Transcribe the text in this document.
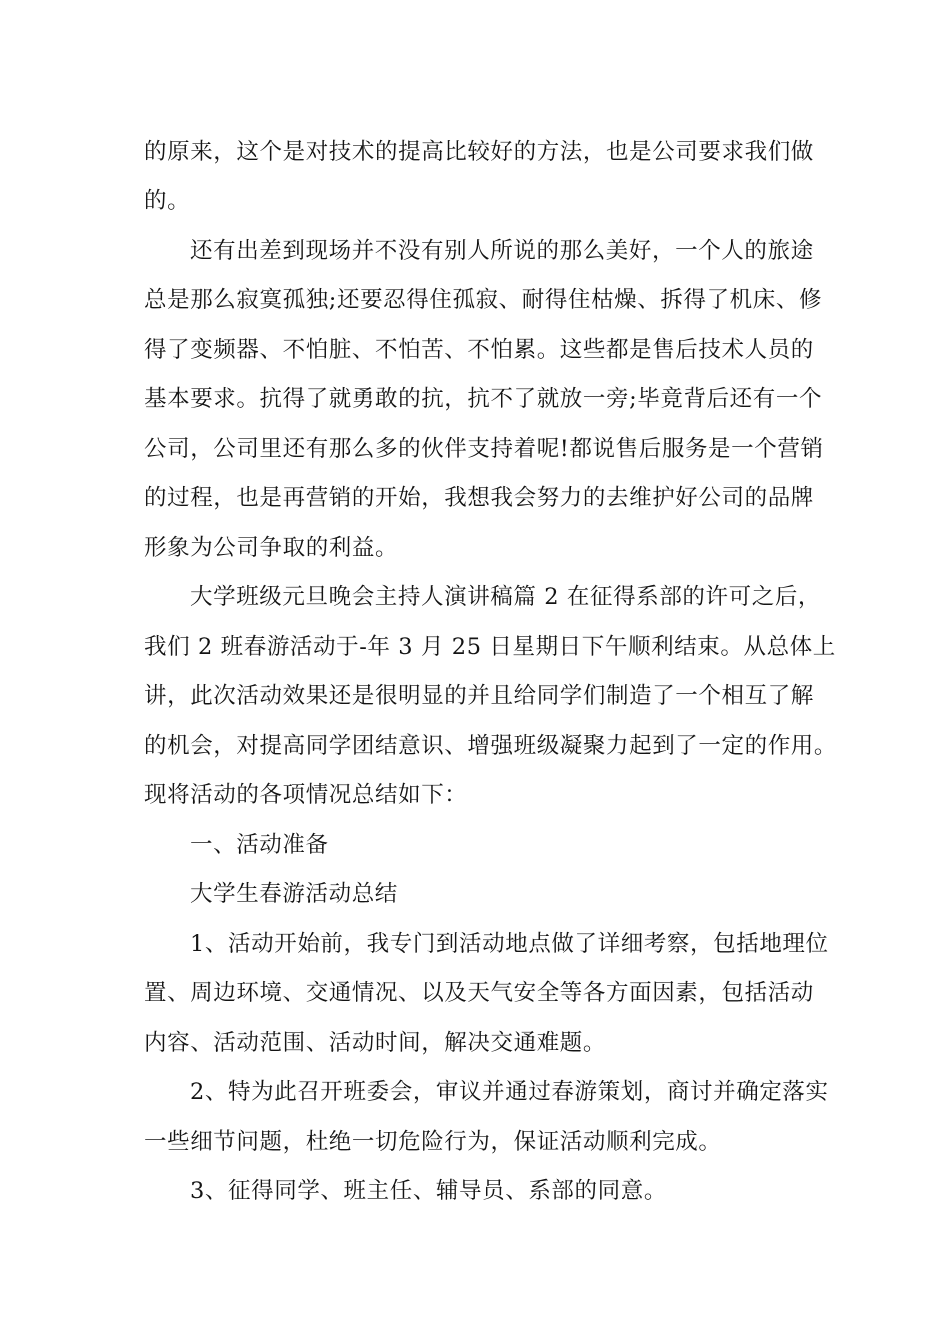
的原来，这个是对技术的提高比较好的方法，也是公司要求我们做
的。
还有出差到现场并不没有别人所说的那么美好，一个人的旅途
总是那么寂寞孤独;还要忍得住孤寂、耐得住枯燥、拆得了机床、修
得了变频器、不怕脏、不怕苦、不怕累。这些都是售后技术人员的
基本要求。抗得了就勇敢的抗，抗不了就放一旁;毕竟背后还有一个
公司，公司里还有那么多的伙伴支持着呢!都说售后服务是一个营销
的过程，也是再营销的开始，我想我会努力的去维护好公司的品牌
形象为公司争取的利益。
大学班级元旦晚会主持人演讲稿篇 2 在征得系部的许可之后，
我们 2 班春游活动于-年 3 月 25 日星期日下午顺利结束。从总体上
讲，此次活动效果还是很明显的并且给同学们制造了一个相互了解
的机会，对提高同学团结意识、增强班级凝聚力起到了一定的作用。
现将活动的各项情况总结如下：
一、活动准备
大学生春游活动总结
1、活动开始前，我专门到活动地点做了详细考察，包括地理位
置、周边环境、交通情况、以及天气安全等各方面因素，包括活动
内容、活动范围、活动时间，解决交通难题。
2、特为此召开班委会，审议并通过春游策划，商讨并确定落实
一些细节问题，杜绝一切危险行为，保证活动顺利完成。
3、征得同学、班主任、辅导员、系部的同意。
